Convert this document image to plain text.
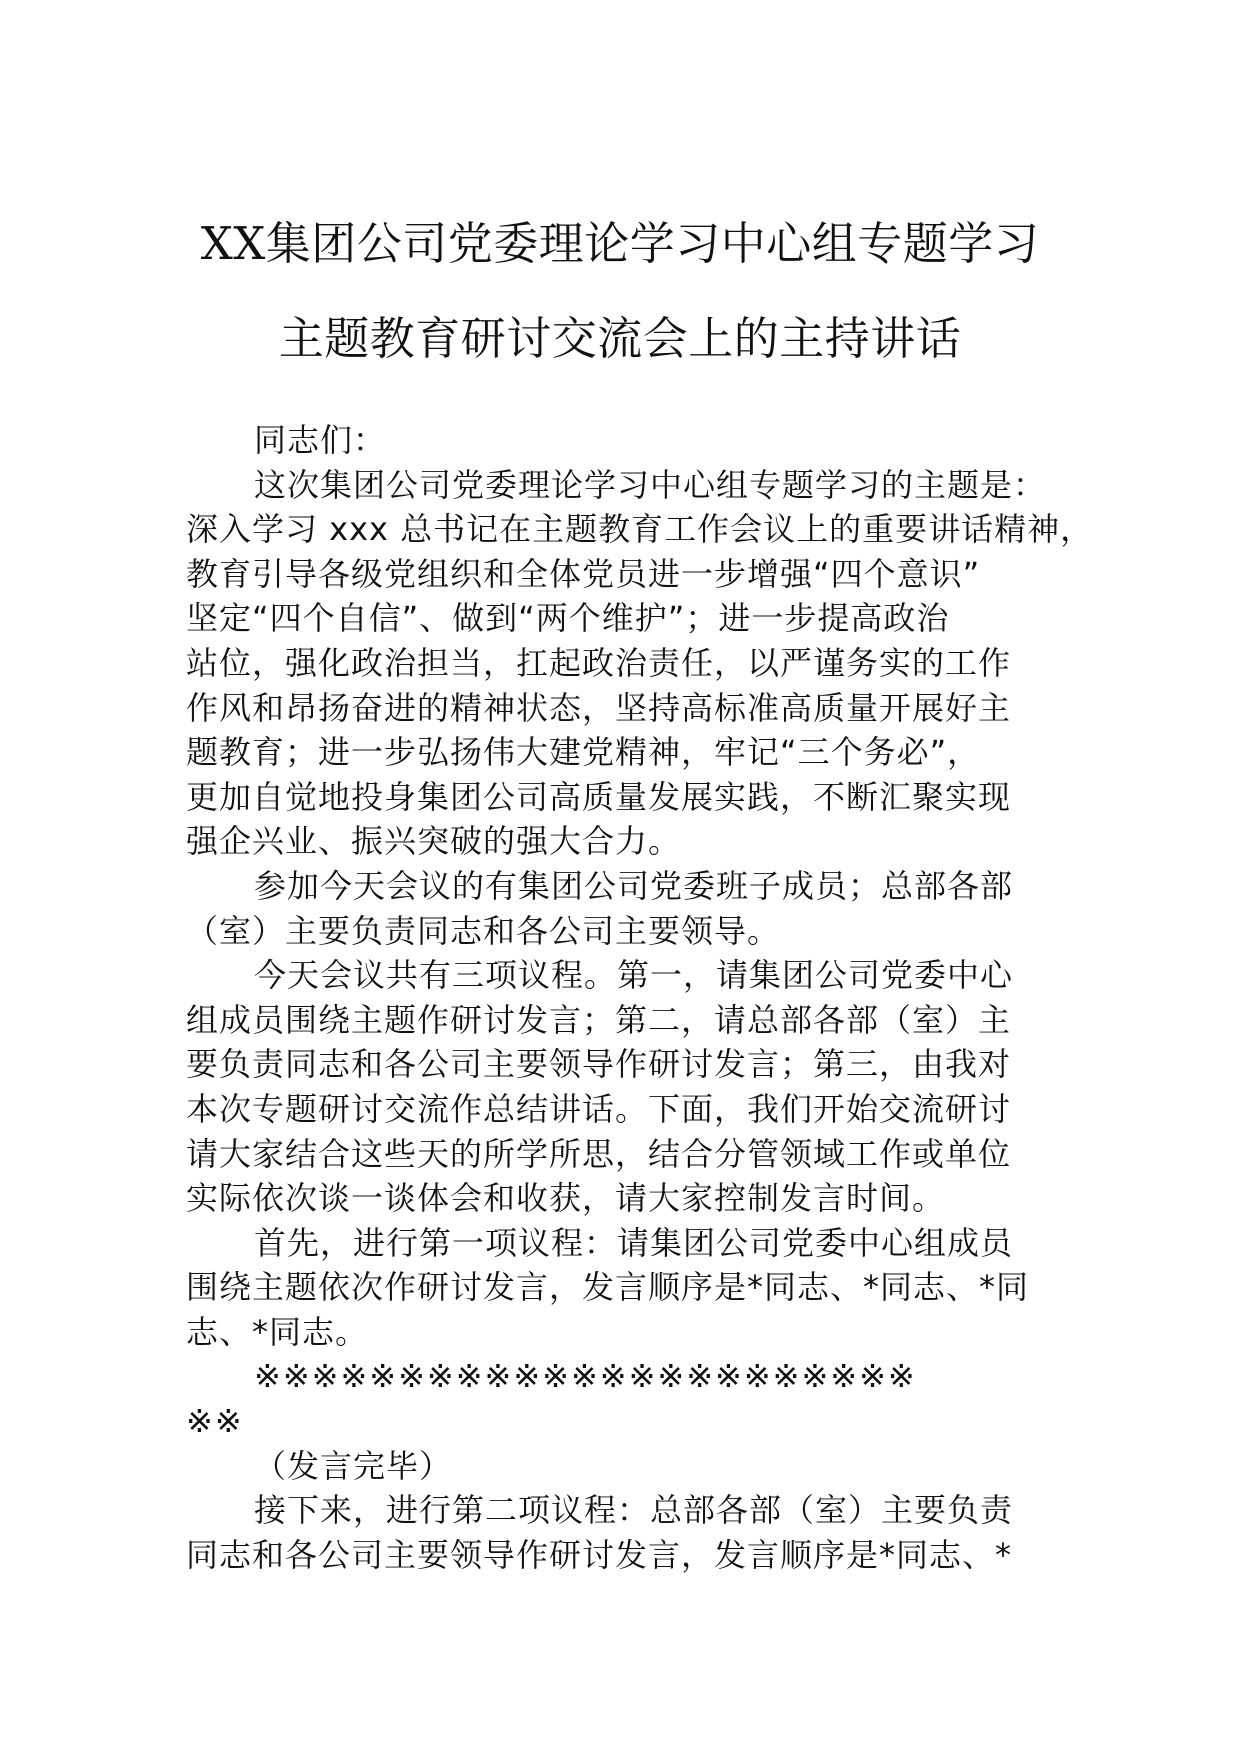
XX集团公司党委理论学习中心组专题学习
主题教育研讨交流会上的主持讲话
同志们：
这次集团公司党委理论学习中心组专题学习的主题是：
深入学习 xxx 总书记在主题教育工作会议上的重要讲话精神，
教育引导各级党组织和全体党员进一步增强“四个意识”
坚定“四个自信”、做到“两个维护”；进一步提高政治
站位，强化政治担当，扛起政治责任，以严谨务实的工作
作风和昂扬奋进的精神状态，坚持高标准高质量开展好主
题教育；进一步弘扬伟大建党精神，牢记“三个务必”，
更加自觉地投身集团公司高质量发展实践，不断汇聚实现
强企兴业、振兴突破的强大合力。
参加今天会议的有集团公司党委班子成员；总部各部
（室）主要负责同志和各公司主要领导。
今天会议共有三项议程。第一，请集团公司党委中心
组成员围绕主题作研讨发言；第二，请总部各部（室）主
要负责同志和各公司主要领导作研讨发言；第三，由我对
本次专题研讨交流作总结讲话。下面，我们开始交流研讨
请大家结合这些天的所学所思，结合分管领域工作或单位
实际依次谈一谈体会和收获，请大家控制发言时间。
首先，进行第一项议程：请集团公司党委中心组成员
围绕主题依次作研讨发言，发言顺序是*同志、*同志、*同
志、*同志。
※※※※※※※※※※※※※※※※※※※※※※※
※※
（发言完毕）
接下来，进行第二项议程：总部各部（室）主要负责
同志和各公司主要领导作研讨发言，发言顺序是*同志、*
